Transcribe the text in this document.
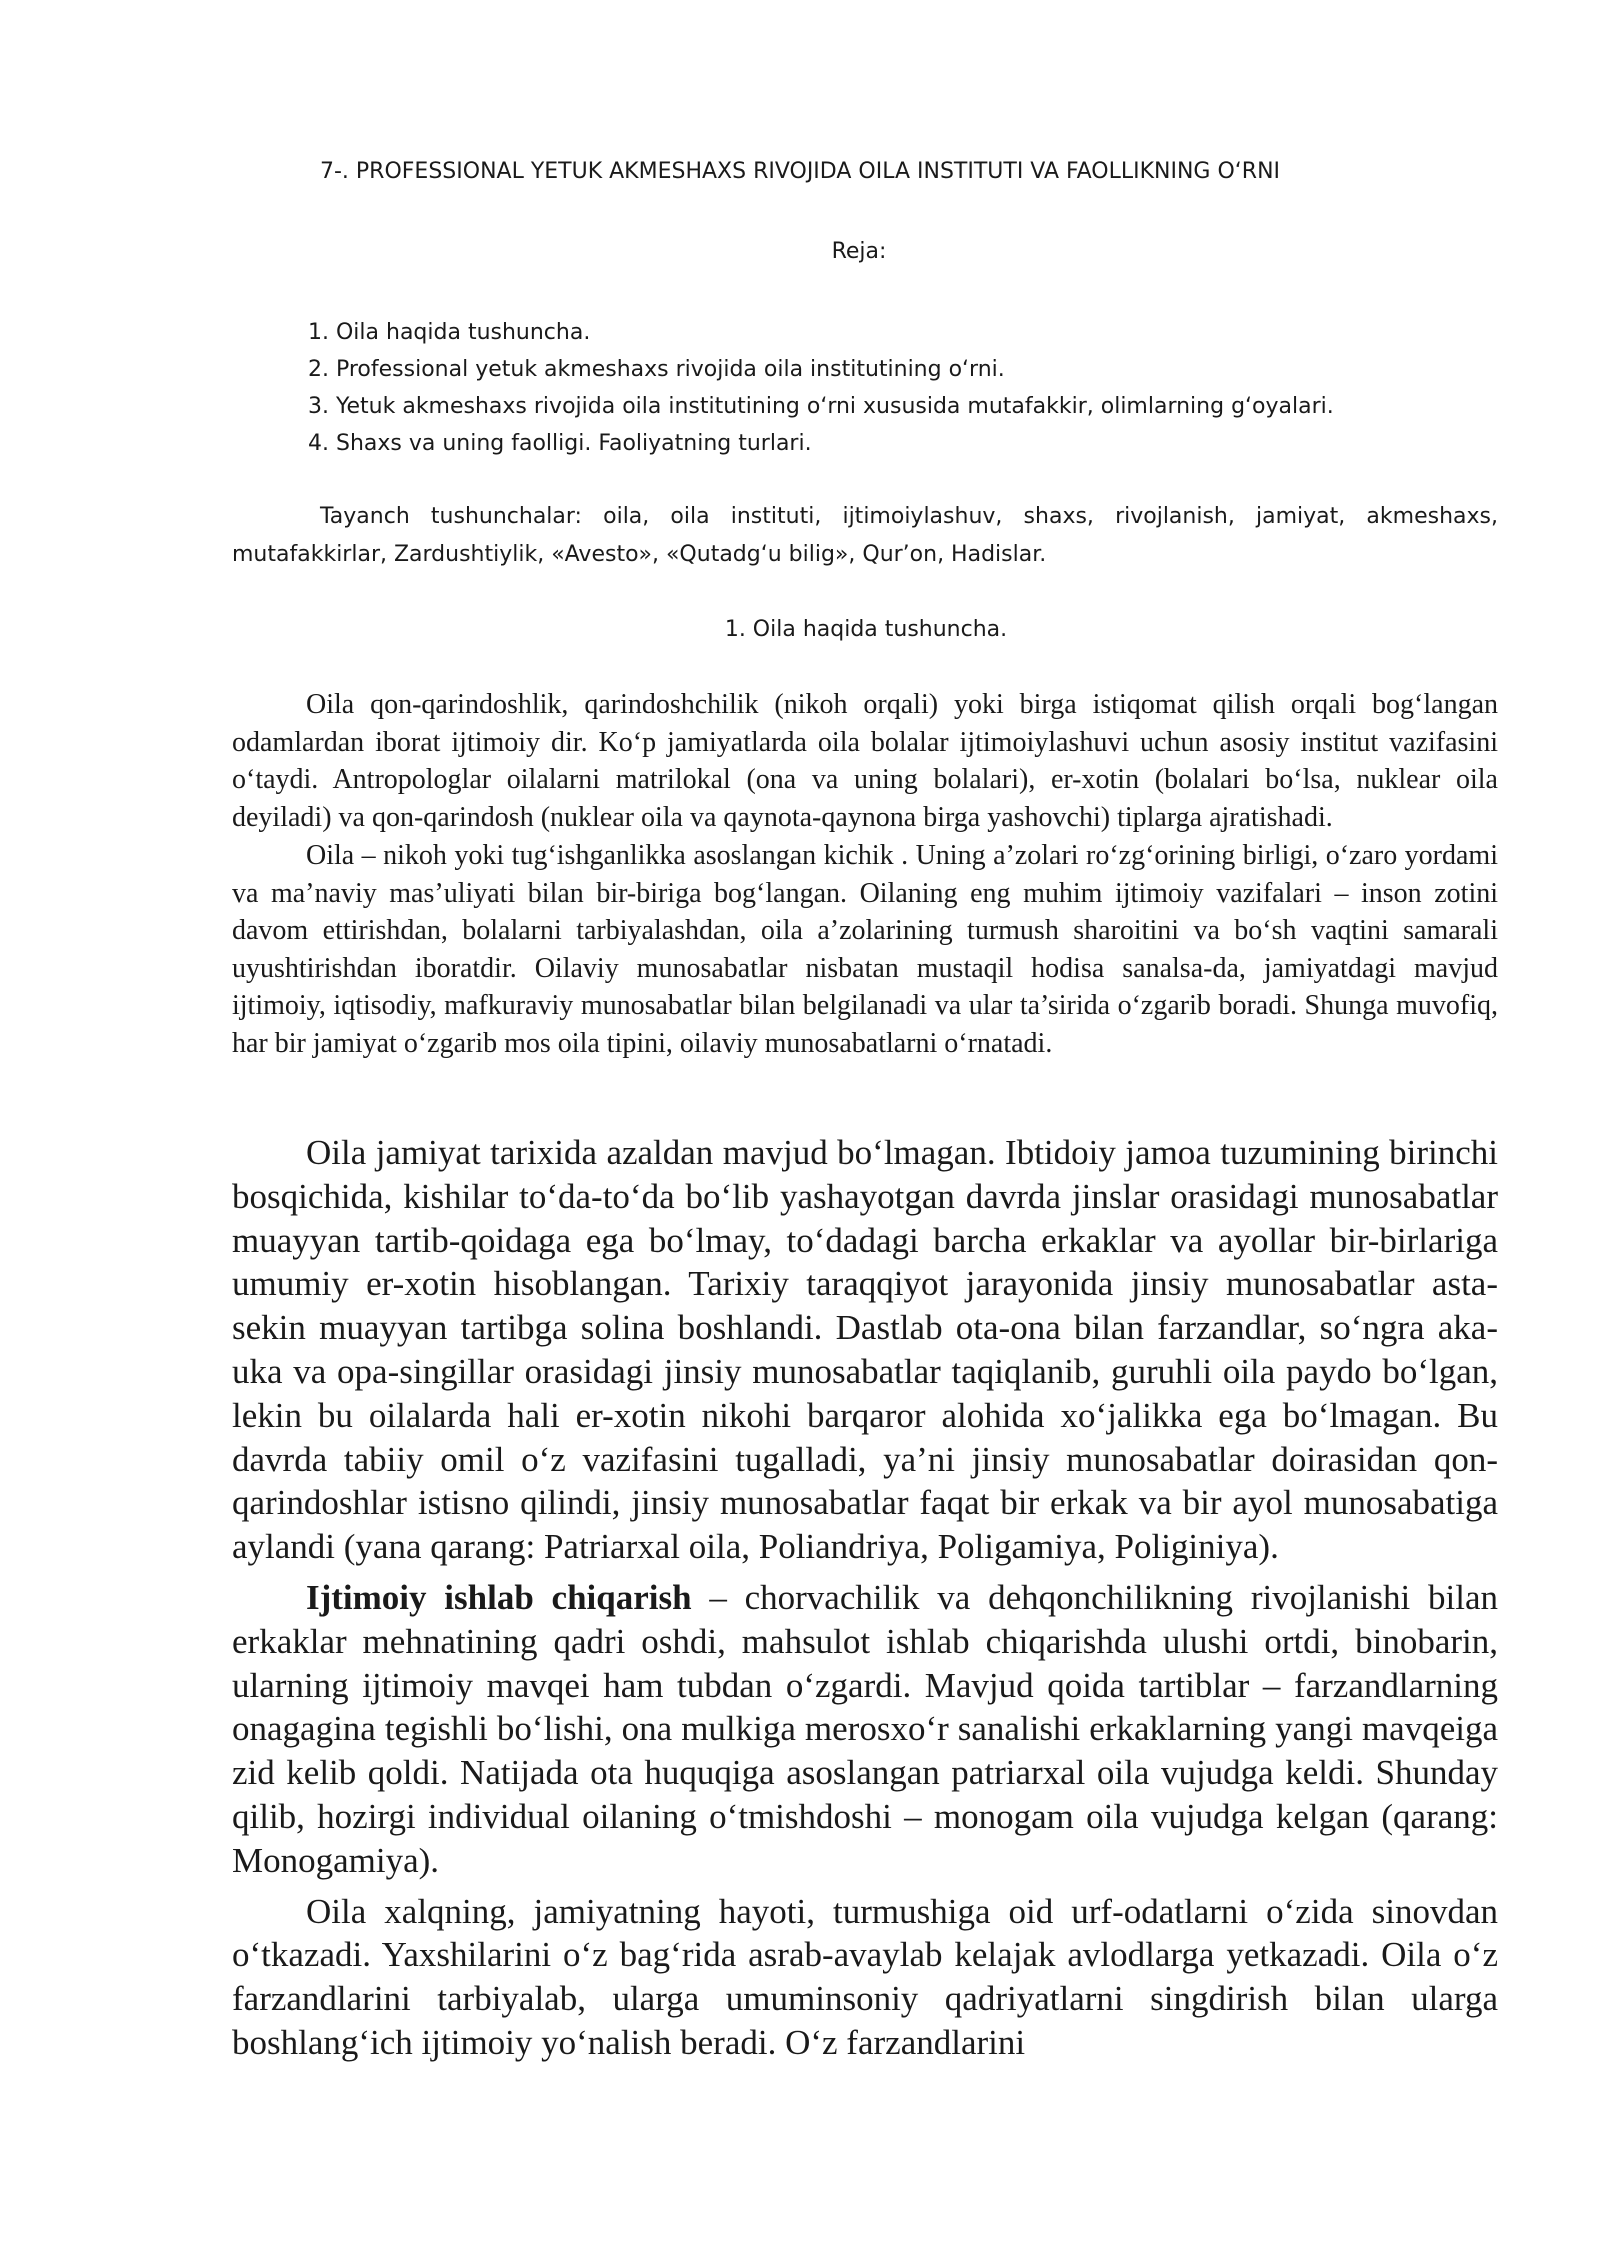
7-. PROFESSIONAL YETUK AKMESHAXS RIVOJIDA OILA INSTITUTI VA FAOLLIKNING O‘RNI
Reja:
1. Oila haqida tushuncha.
2. Professional yetuk akmeshaxs rivojida oila institutining o‘rni.
3. Yetuk akmeshaxs rivojida oila institutining o‘rni xususida mutafakkir, olimlarning g‘oyalari.
4. Shaxs va uning faolligi. Faoliyatning turlari.

Tayanch tushunchalar: oila, oila instituti, ijtimoiylashuv, shaxs, rivojlanish, jamiyat, akmeshaxs, mutafakkirlar, Zardushtiylik, «Avesto», «Qutadg‘u bilig», Qur’on, Hadislar.

1. Oila haqida tushuncha.

Oila qon-qarindoshlik, qarindoshchilik (nikoh orqali) yoki birga istiqomat qilish orqali bog‘langan odamlardan iborat ijtimoiy dir. Ko‘p jamiyatlarda oila bolalar ijtimoiylashuvi uchun asosiy institut vazifasini o‘taydi. Antropologlar oilalarni matrilokal (ona va uning bolalari), er-xotin (bolalari bo‘lsa, nuklear oila deyiladi) va qon-qarindosh (nuklear oila va qaynota-qaynona birga yashovchi) tiplarga ajratishadi.

Oila – nikoh yoki tug‘ishganlikka asoslangan kichik . Uning a’zolari ro‘zg‘orining birligi, o‘zaro yordami va ma’naviy mas’uliyati bilan bir-biriga bog‘langan. Oilaning eng muhim ijtimoiy vazifalari – inson zotini davom ettirishdan, bolalarni tarbiyalashdan, oila a’zolarining turmush sharoitini va bo‘sh vaqtini samarali uyushtirishdan iboratdir. Oilaviy munosabatlar nisbatan mustaqil hodisa sanalsa-da, jamiyatdagi mavjud ijtimoiy, iqtisodiy, mafkuraviy munosabatlar bilan belgilanadi va ular ta’sirida o‘zgarib boradi. Shunga muvofiq, har bir jamiyat o‘zgarib mos oila tipini, oilaviy munosabatlarni o‘rnatadi.

Oila jamiyat tarixida azaldan mavjud bo‘lmagan. Ibtidoiy jamoa tuzumining birinchi bosqichida, kishilar to‘da-to‘da bo‘lib yashayotgan davrda jinslar orasidagi munosabatlar muayyan tartib-qoidaga ega bo‘lmay, to‘dadagi barcha erkaklar va ayollar bir-birlariga umumiy er-xotin hisoblangan. Tarixiy taraqqiyot jarayonida jinsiy munosabatlar asta-sekin muayyan tartibga solina boshlandi. Dastlab ota-ona bilan farzandlar, so‘ngra aka-uka va opa-singillar orasidagi jinsiy munosabatlar taqiqlanib, guruhli oila paydo bo‘lgan, lekin bu oilalarda hali er-xotin nikohi barqaror alohida xo‘jalikka ega bo‘lmagan. Bu davrda tabiiy omil o‘z vazifasini tugalladi, ya’ni jinsiy munosabatlar doirasidan qon-qarindoshlar istisno qilindi, jinsiy munosabatlar faqat bir erkak va bir ayol munosabatiga aylandi (yana qarang: Patriarxal oila, Poliandriya, Poligamiya, Poliginiya).

Ijtimoiy ishlab chiqarish – chorvachilik va dehqonchilikning rivojlanishi bilan erkaklar mehnatining qadri oshdi, mahsulot ishlab chiqarishda ulushi ortdi, binobarin, ularning ijtimoiy mavqei ham tubdan o‘zgardi. Mavjud qoida tartiblar – farzandlarning onagagina tegishli bo‘lishi, ona mulkiga merosxo‘r sanalishi erkaklarning yangi mavqeiga zid kelib qoldi. Natijada ota huquqiga asoslangan patriarxal oila vujudga keldi. Shunday qilib, hozirgi individual oilaning o‘tmishdoshi – monogam oila vujudga kelgan (qarang: Monogamiya).

Oila xalqning, jamiyatning hayoti, turmushiga oid urf-odatlarni o‘zida sinovdan o‘tkazadi. Yaxshilarini o‘z bag‘rida asrab-avaylab kelajak avlodlarga yetkazadi. Oila o‘z farzandlarini tarbiyalab, ularga umuminsoniy qadriyatlarni singdirish bilan ularga boshlang‘ich ijtimoiy yo‘nalish beradi. O‘z farzandlarini
